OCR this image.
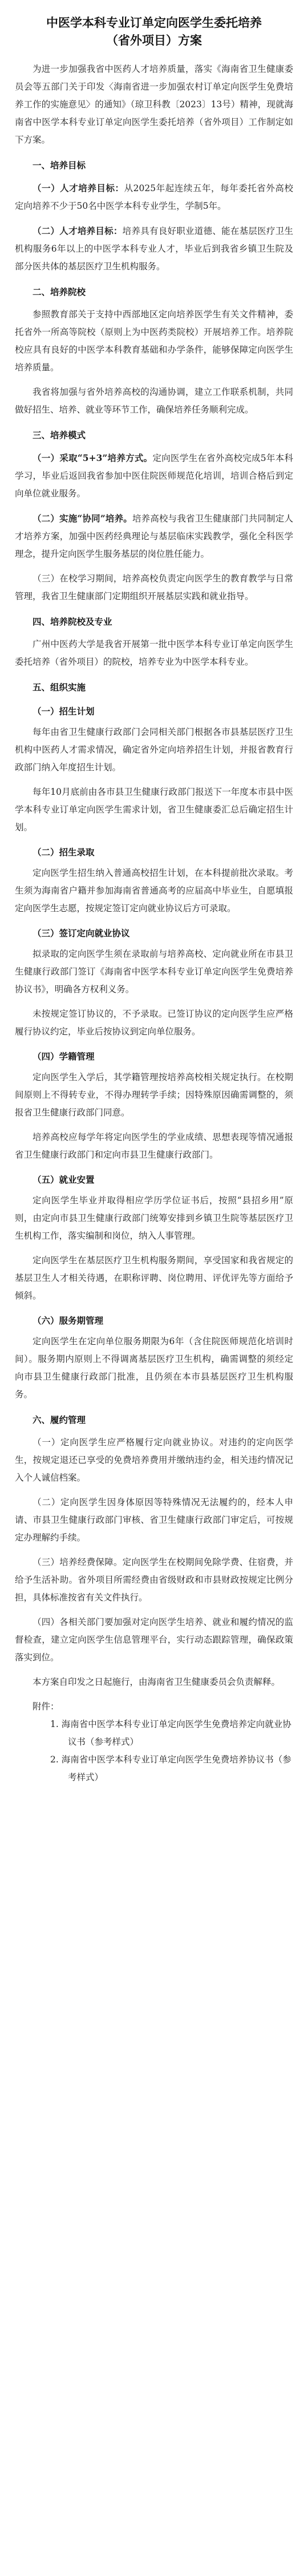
中医学本科专业订单定向医学生委托培养
（省外项目）方案

为进一步加强我省中医药人才培养质量，落实《海南省卫生健康委员会等五部门关于印发〈海南省进一步加强农村订单定向医学生免费培养工作的实施意见〉的通知》（琼卫科教〔2023〕13号）精神，现就海南省中医学本科专业订单定向医学生委托培养（省外项目）工作制定如下方案。

一、培养目标

（一）人才培养目标：从2025年起连续五年，每年委托省外高校定向培养不少于50名中医学本科专业学生，学制5年。

（二）人才培养目标：培养具有良好职业道德、能在基层医疗卫生机构服务6年以上的中医学本科专业人才，毕业后到我省乡镇卫生院及部分医共体的基层医疗卫生机构服务。

二、培养院校

参照教育部关于支持中西部地区定向培养医学生有关文件精神，委托省外一所高等院校（原则上为中医药类院校）开展培养工作。培养院校应具有良好的中医学本科教育基础和办学条件，能够保障定向医学生培养质量。

我省将加强与省外培养高校的沟通协调，建立工作联系机制，共同做好招生、培养、就业等环节工作，确保培养任务顺利完成。

三、培养模式

（一）采取“5+3”培养方式。定向医学生在省外高校完成5年本科学习，毕业后返回我省参加中医住院医师规范化培训，培训合格后到定向单位就业服务。

（二）实施“协同”培养。培养高校与我省卫生健康部门共同制定人才培养方案，加强中医药经典理论与基层临床实践教学，强化全科医学理念，提升定向医学生服务基层的岗位胜任能力。

（三）在校学习期间，培养高校负责定向医学生的教育教学与日常管理，我省卫生健康部门定期组织开展基层实践和就业指导。

四、培养院校及专业

广州中医药大学是我省开展第一批中医学本科专业订单定向医学生委托培养（省外项目）的院校，培养专业为中医学本科专业。

五、组织实施
（一）招生计划

每年由省卫生健康行政部门会同相关部门根据各市县基层医疗卫生机构中医药人才需求情况，确定省外定向培养招生计划，并报省教育行政部门纳入年度招生计划。

每年10月底前由各市县卫生健康行政部门报送下一年度本市县中医学本科专业订单定向医学生需求计划，省卫生健康委汇总后确定招生计划。

（二）招生录取

定向医学生招生纳入普通高校招生计划，在本科提前批次录取。考生须为海南省户籍并参加海南省普通高考的应届高中毕业生，自愿填报定向医学生志愿，按规定签订定向就业协议后方可录取。

（三）签订定向就业协议

拟录取的定向医学生须在录取前与培养高校、定向就业所在市县卫生健康行政部门签订《海南省中医学本科专业订单定向医学生免费培养协议书》，明确各方权利义务。

未按规定签订协议的，不予录取。已签订协议的定向医学生应严格履行协议约定，毕业后按协议到定向单位服务。

（四）学籍管理

定向医学生入学后，其学籍管理按培养高校相关规定执行。在校期间原则上不得转专业，不得办理转学手续；因特殊原因确需调整的，须报省卫生健康行政部门同意。

培养高校应每学年将定向医学生的学业成绩、思想表现等情况通报省卫生健康行政部门和定向市县卫生健康行政部门。

（五）就业安置

定向医学生毕业并取得相应学历学位证书后，按照“县招乡用”原则，由定向市县卫生健康行政部门统筹安排到乡镇卫生院等基层医疗卫生机构工作，落实编制和岗位，纳入人事管理。

定向医学生在基层医疗卫生机构服务期间，享受国家和我省规定的基层卫生人才相关待遇，在职称评聘、岗位聘用、评优评先等方面给予倾斜。

（六）服务期管理

定向医学生在定向单位服务期限为6年（含住院医师规范化培训时间）。服务期内原则上不得调离基层医疗卫生机构，确需调整的须经定向市县卫生健康行政部门批准，且仍须在本市县基层医疗卫生机构服务。

六、履约管理

（一）定向医学生应严格履行定向就业协议。对违约的定向医学生，按规定退还已享受的免费培养费用并缴纳违约金，相关违约情况记入个人诚信档案。

（二）定向医学生因身体原因等特殊情况无法履约的，经本人申请、市县卫生健康行政部门审核、省卫生健康行政部门审定后，可按规定办理解约手续。

（三）培养经费保障。定向医学生在校期间免除学费、住宿费，并给予生活补助。省外项目所需经费由省级财政和市县财政按规定比例分担，具体标准按省有关文件执行。

（四）各相关部门要加强对定向医学生培养、就业和履约情况的监督检查，建立定向医学生信息管理平台，实行动态跟踪管理，确保政策落实到位。

本方案自印发之日起施行，由海南省卫生健康委员会负责解释。

附件：
1. 海南省中医学本科专业订单定向医学生免费培养定向就业协议书（参考样式）
2. 海南省中医学本科专业订单定向医学生免费培养协议书（参考样式）
